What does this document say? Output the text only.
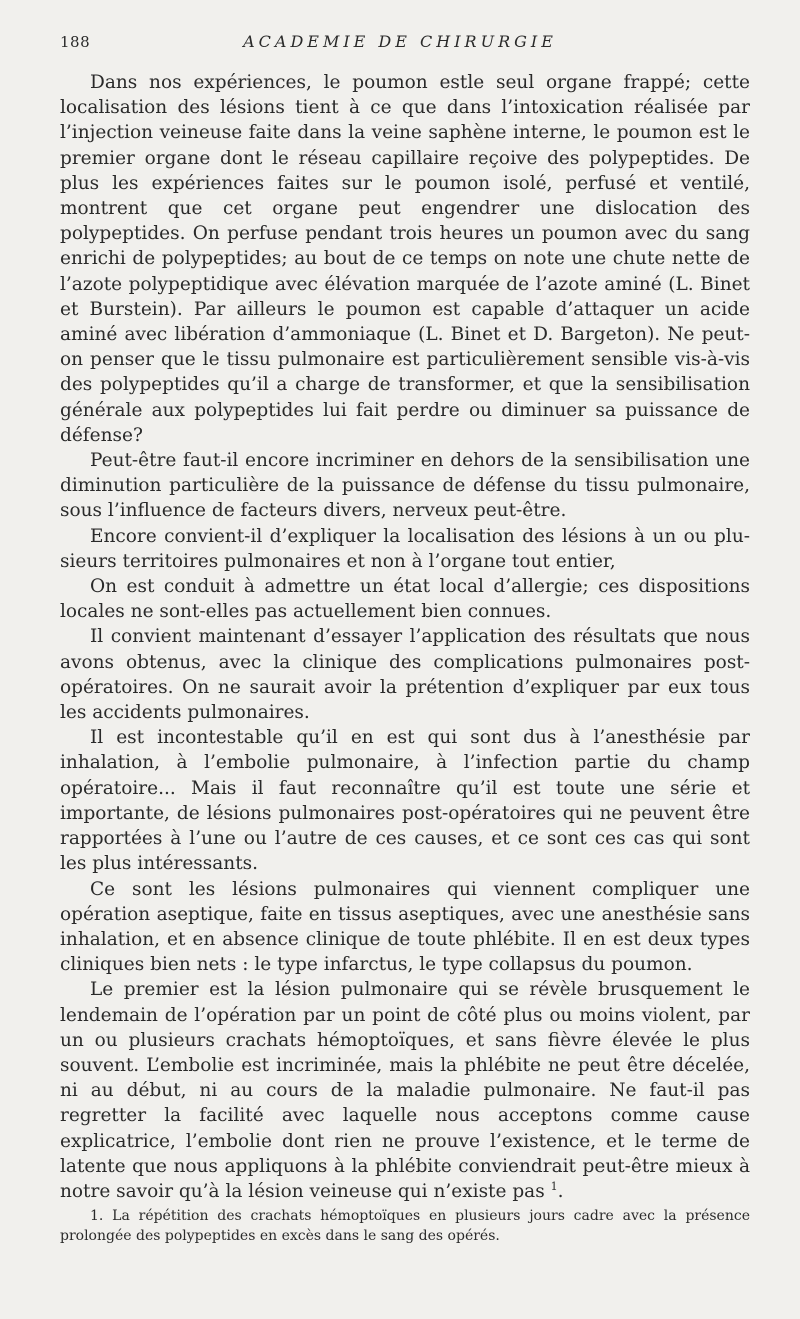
188	ACADEMIE DE CHIRURGIE

Dans nos expériences, le poumon estle seul organe frappé; cette localisation des lésions tient à ce que dans l’intoxication réalisée par l’injection veineuse faite dans la veine saphène interne, le poumon est le premier organe dont le réseau capillaire reçoive des polypeptides. De plus les expériences faites sur le poumon isolé, perfusé et ventilé, montrent que cet organe peut engendrer une dislocation des polypeptides. On perfuse pendant trois heures un poumon avec du sang enrichi de polypeptides; au bout de ce temps on note une chute nette de l’azote polypeptidique avec élévation marquée de l’azote aminé (L. Binet et Burstein). Par ailleurs le poumon est capable d’attaquer un acide aminé avec libération d’ammoniaque (L. Binet et D. Bargeton). Ne peut-on penser que le tissu pulmonaire est particulièrement sensible vis-à-vis des polypeptides qu’il a charge de transformer, et que la sensibilisation générale aux polypeptides lui fait perdre ou diminuer sa puissance de défense?

Peut-être faut-il encore incriminer en dehors de la sensibilisation une diminution particulière de la puissance de défense du tissu pulmonaire, sous l’influence de facteurs divers, nerveux peut-être.

Encore convient-il d’expliquer la localisation des lésions à un ou plusieurs territoires pulmonaires et non à l’organe tout entier,

On est conduit à admettre un état local d’allergie; ces dispositions locales ne sont-elles pas actuellement bien connues.

Il convient maintenant d’essayer l’application des résultats que nous avons obtenus, avec la clinique des complications pulmonaires post-opératoires. On ne saurait avoir la prétention d’expliquer par eux tous les accidents pulmonaires.

Il est incontestable qu’il en est qui sont dus à l’anesthésie par inhalation, à l’embolie pulmonaire, à l’infection partie du champ opératoire... Mais il faut reconnaître qu’il est toute une série et importante, de lésions pulmonaires post-opératoires qui ne peuvent être rapportées à l’une ou l’autre de ces causes, et ce sont ces cas qui sont les plus intéressants.

Ce sont les lésions pulmonaires qui viennent compliquer une opération aseptique, faite en tissus aseptiques, avec une anesthésie sans inhalation, et en absence clinique de toute phlébite. Il en est deux types cliniques bien nets : le type infarctus, le type collapsus du poumon.

Le premier est la lésion pulmonaire qui se révèle brusquement le lendemain de l’opération par un point de côté plus ou moins violent, par un ou plusieurs crachats hémoptoïques, et sans fièvre élevée le plus souvent. L’embolie est incriminée, mais la phlébite ne peut être décelée, ni au début, ni au cours de la maladie pulmonaire. Ne faut-il pas regretter la facilité avec laquelle nous acceptons comme cause explicatrice, l’embolie dont rien ne prouve l’existence, et le terme de latente que nous appliquons à la phlébite conviendrait peut-être mieux à notre savoir qu’à la lésion veineuse qui n’existe pas $^1$.

1. La répétition des crachats hémoptoïques en plusieurs jours cadre avec la présence prolongée des polypeptides en excès dans le sang des opérés.
